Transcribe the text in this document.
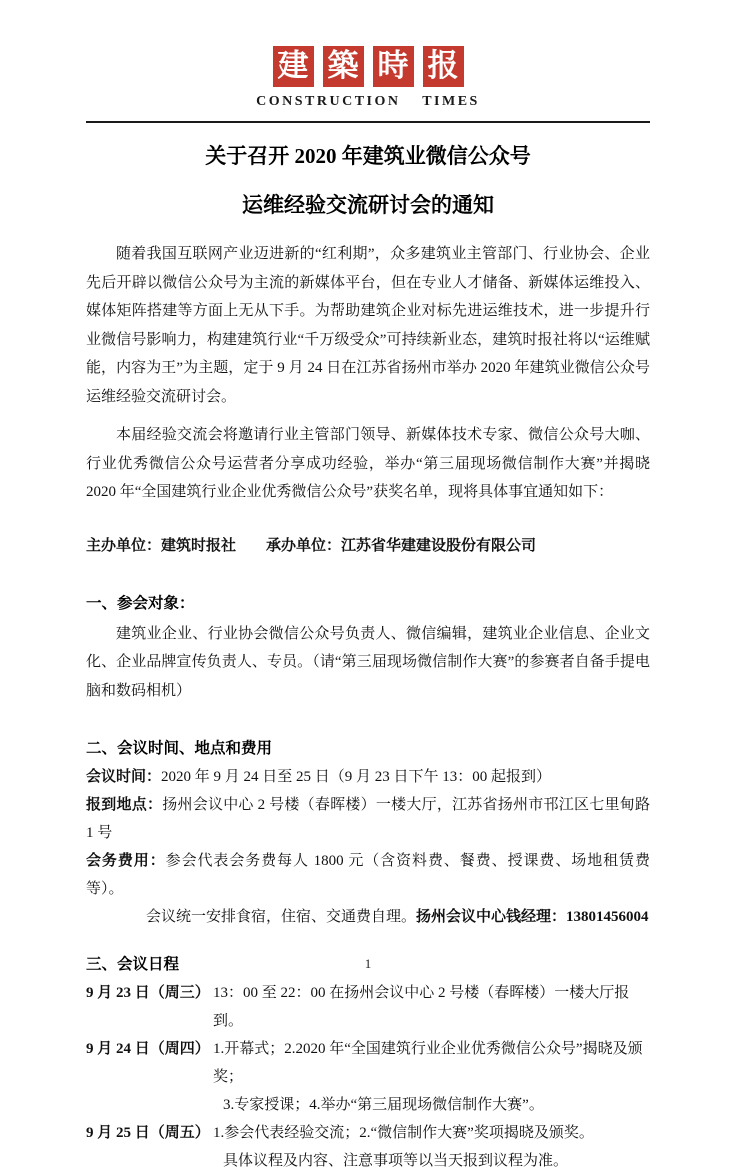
建 築 時 报
CONSTRUCTION TIMES
关于召开 2020 年建筑业微信公众号
运维经验交流研讨会的通知

随着我国互联网产业迈进新的“红利期”，众多建筑业主管部门、行业协会、企业先后开辟以微信公众号为主流的新媒体平台，但在专业人才储备、新媒体运维投入、媒体矩阵搭建等方面上无从下手。为帮助建筑企业对标先进运维技术，进一步提升行业微信号影响力，构建建筑行业“千万级受众”可持续新业态，建筑时报社将以“运维赋能，内容为王”为主题，定于 9 月 24 日在江苏省扬州市举办 2020 年建筑业微信公众号运维经验交流研讨会。

本届经验交流会将邀请行业主管部门领导、新媒体技术专家、微信公众号大咖、行业优秀微信公众号运营者分享成功经验，举办“第三届现场微信制作大赛”并揭晓 2020 年“全国建筑行业企业优秀微信公众号”获奖名单，现将具体事宜通知如下：

主办单位：建筑时报社 承办单位：江苏省华建建设股份有限公司

一、参会对象：

建筑业企业、行业协会微信公众号负责人、微信编辑，建筑业企业信息、企业文化、企业品牌宣传负责人、专员。（请“第三届现场微信制作大赛”的参赛者自备手提电脑和数码相机）

二、会议时间、地点和费用

会议时间：2020 年 9 月 24 日至 25 日（9 月 23 日下午 13：00 起报到）

报到地点：扬州会议中心 2 号楼（春晖楼）一楼大厅，江苏省扬州市邗江区七里甸路 1 号

会务费用：参会代表会务费每人 1800 元（含资料费、餐费、授课费、场地租赁费等）。

会议统一安排食宿，住宿、交通费自理。扬州会议中心钱经理：13801456004

三、会议日程
9 月 23 日（周三） 13：00 至 22：00 在扬州会议中心 2 号楼（春晖楼）一楼大厅报到。
9 月 24 日（周四） 1.开幕式；2.2020 年“全国建筑行业企业优秀微信公众号”揭晓及颁奖；
3.专家授课；4.举办“第三届现场微信制作大赛”。
9 月 25 日（周五） 1.参会代表经验交流；2.“微信制作大赛”奖项揭晓及颁奖。
具体议程及内容、注意事项等以当天报到议程为准。
1
